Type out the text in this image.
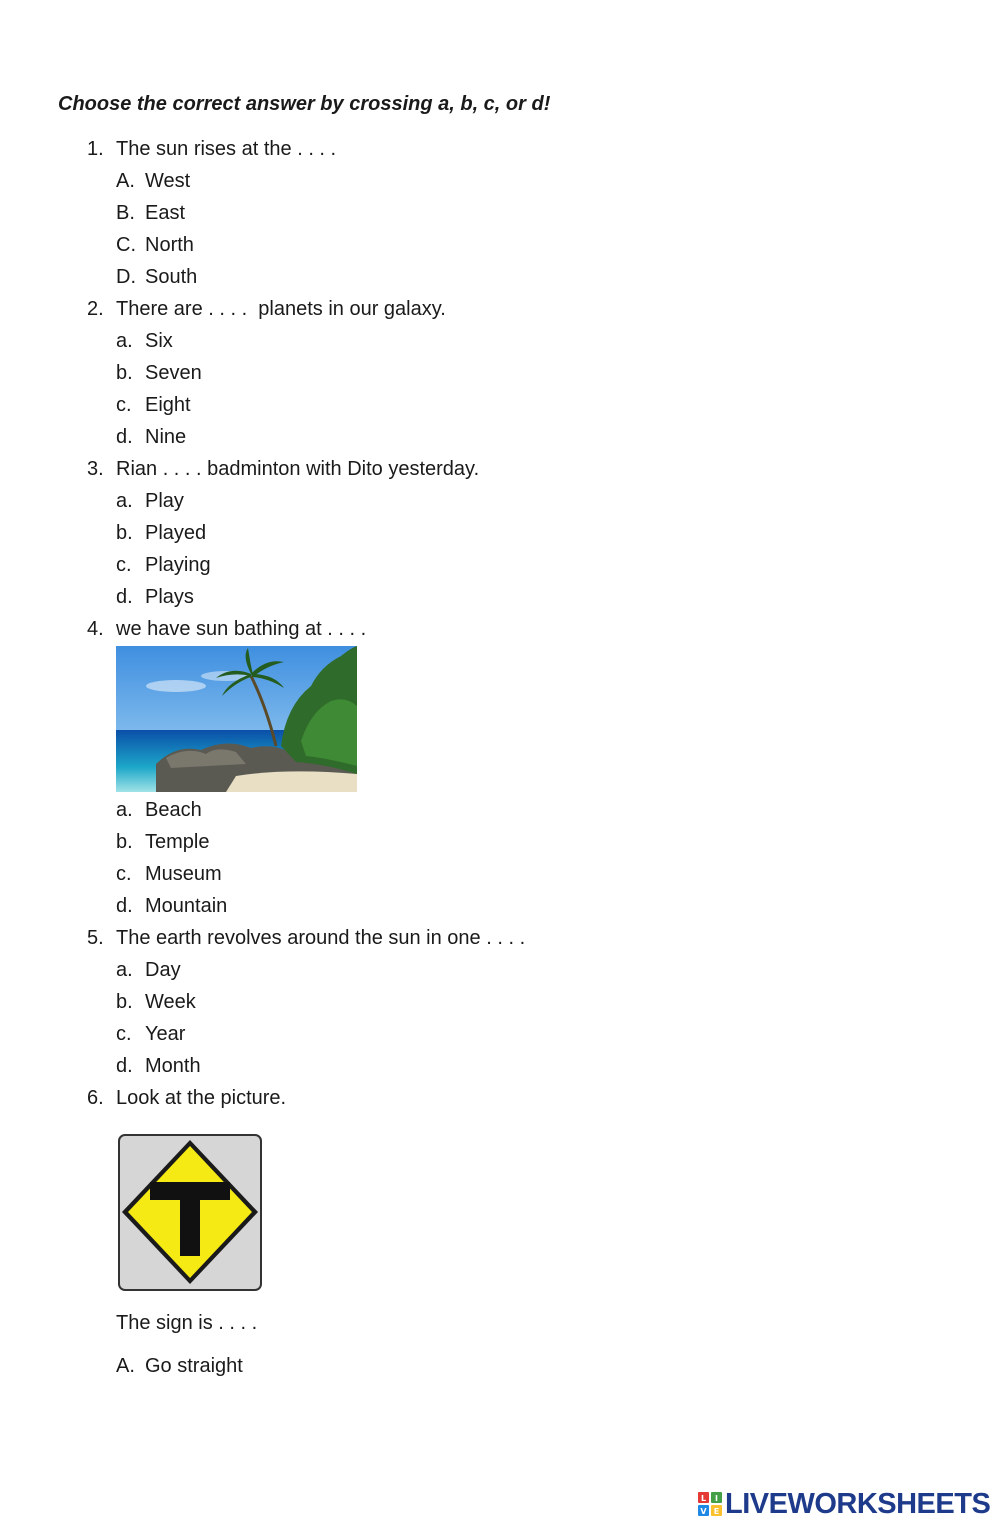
Choose the correct answer by crossing a, b, c, or d!
1. The sun rises at the . . . .
A. West
B. East
C. North
D. South
2. There are . . . .  planets in our galaxy.
a. Six
b. Seven
c. Eight
d. Nine
3. Rian . . . . badminton with Dito yesterday.
a. Play
b. Played
c. Playing
d. Plays
4. we have sun bathing at . . . .
a. Beach
b. Temple
c. Museum
d. Mountain
5. The earth revolves around the sun in one . . . .
a. Day
b. Week
c. Year
d. Month
6. Look at the picture.
The sign is . . . .
A. Go straight
L I
V E LIVEWORKSHEETS
